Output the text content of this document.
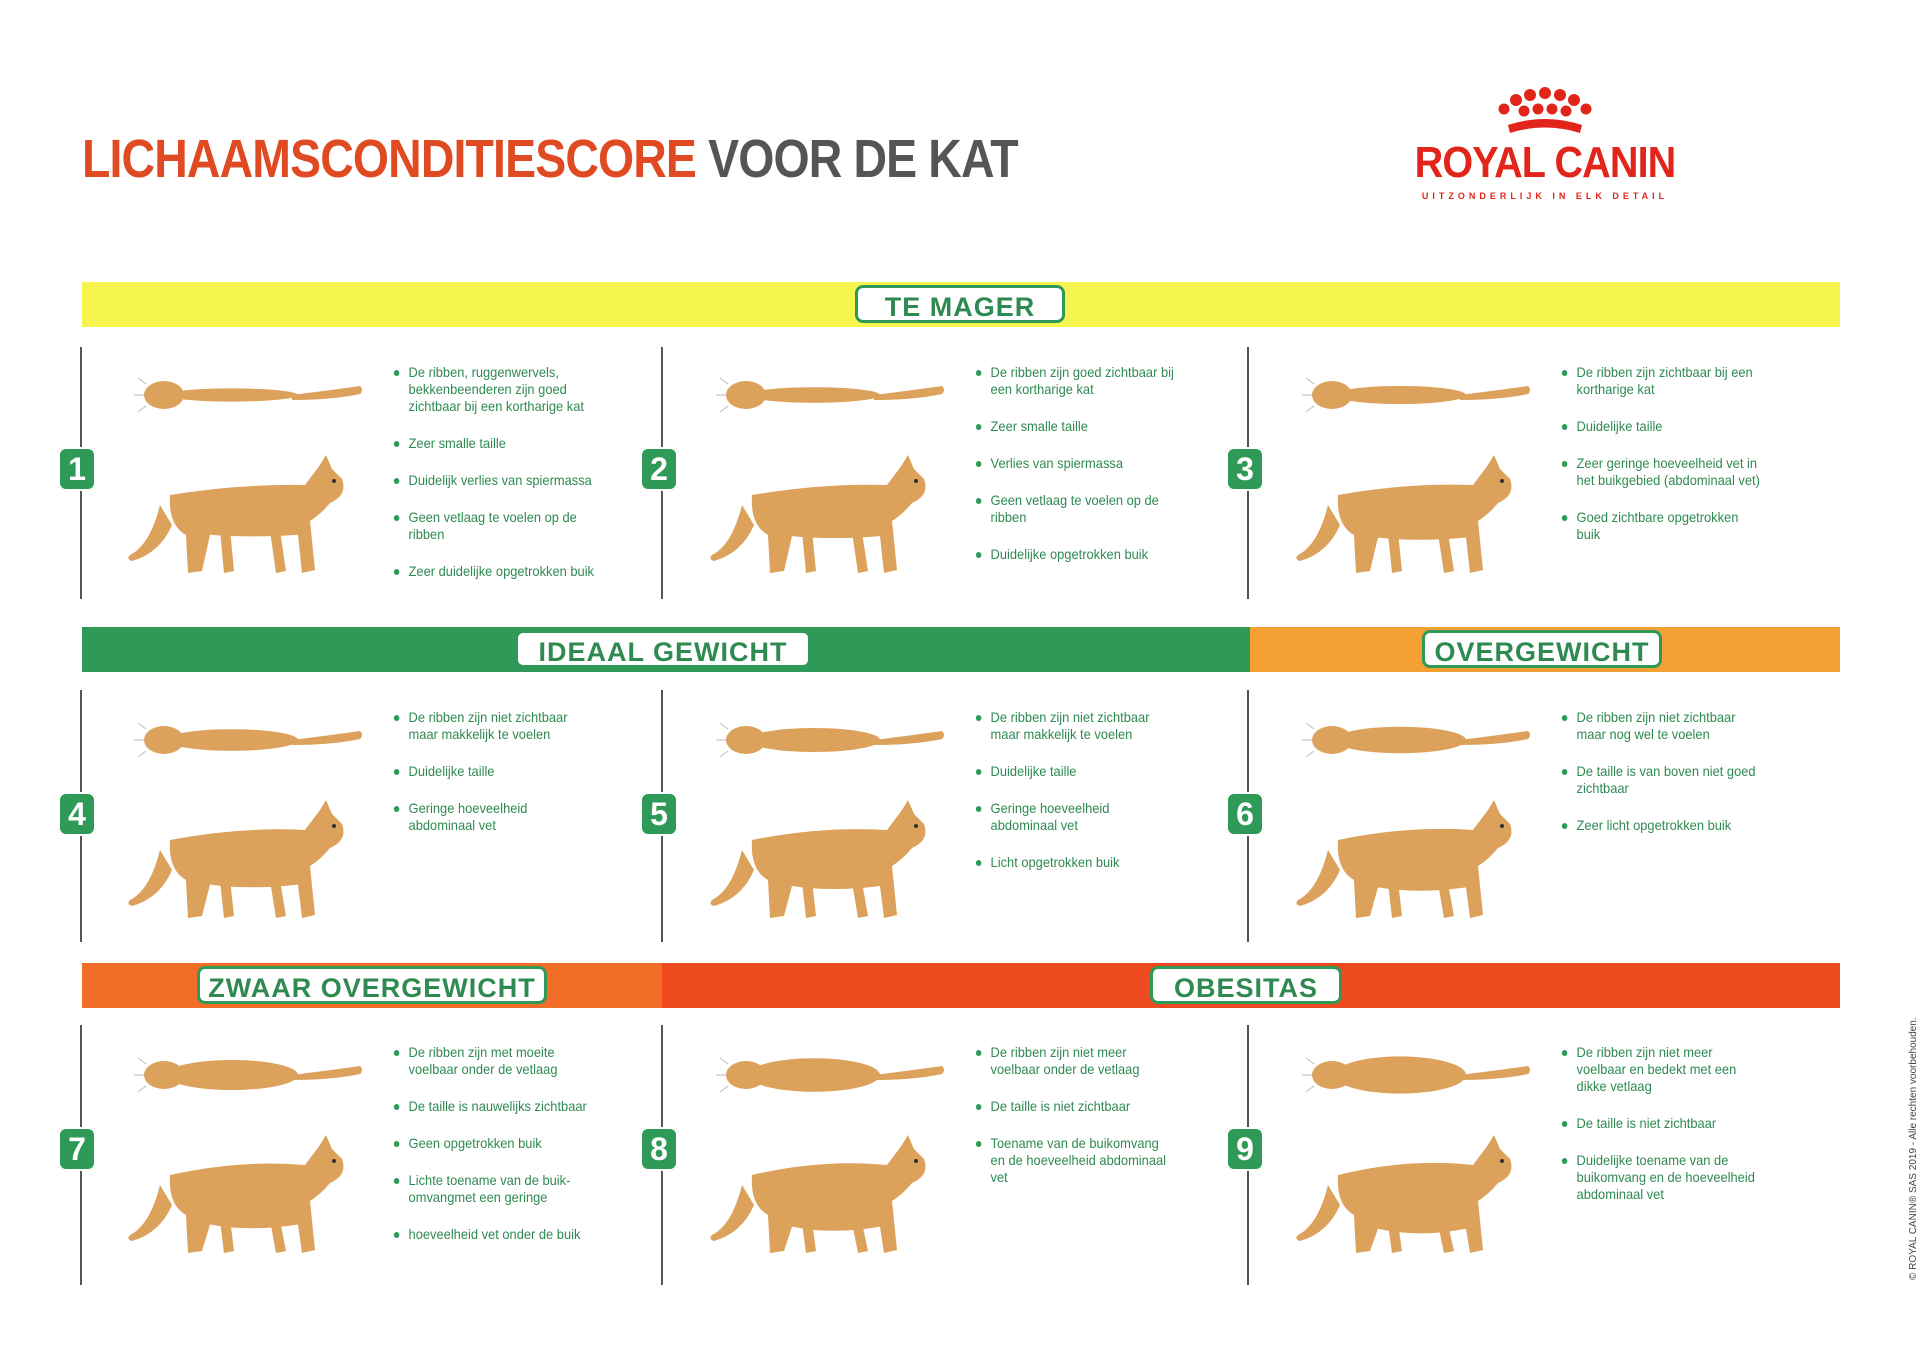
LICHAAMSCONDITIESCORE VOOR DE KAT	ROYAL CANIN
UITZONDERLIJK IN ELK DETAIL
TE MAGER
IDEAAL GEWICHT	OVERGEWICHT
ZWAAR OVERGEWICHT	OBESITAS
1
De ribben, ruggenwervels, bekkenbeenderen zijn goed zichtbaar bij een kortharige kat
Zeer smalle taille
Duidelijk verlies van spiermassa
Geen vetlaag te voelen op de ribben
Zeer duidelijke opgetrokken buik
2
De ribben zijn goed zichtbaar bij een kortharige kat
Zeer smalle taille
Verlies van spiermassa
Geen vetlaag te voelen op de ribben
Duidelijke opgetrokken buik
3
De ribben zijn zichtbaar bij een kortharige kat
Duidelijke taille
Zeer geringe hoeveelheid vet in het buikgebied (abdominaal vet)
Goed zichtbare opgetrokken buik
4
De ribben zijn niet zichtbaar maar makkelijk te voelen
Duidelijke taille
Geringe hoeveelheid abdominaal vet	5
De ribben zijn niet zichtbaar maar makkelijk te voelen
Duidelijke taille
Geringe hoeveelheid abdominaal vet
Licht opgetrokken buik
6
De ribben zijn niet zichtbaar maar nog wel te voelen
De taille is van boven niet goed zichtbaar
Zeer licht opgetrokken buik
7
De ribben zijn met moeite voelbaar onder de vetlaag
De taille is nauwelijks zichtbaar
Geen opgetrokken buik
Lichte toename van de buik-omvangmet een geringe
hoeveelheid vet onder de buik
8
De ribben zijn niet meer voelbaar onder de vetlaag
De taille is niet zichtbaar
Toename van de buikomvang en de hoeveelheid abdominaal vet
9
De ribben zijn niet meer voelbaar en bedekt met een dikke vetlaag
De taille is niet zichtbaar
Duidelijke toename van de buikomvang en de hoeveelheid abdominaal vet	© ROYAL CANIN® SAS 2019 - Alle rechten voorbehouden.
